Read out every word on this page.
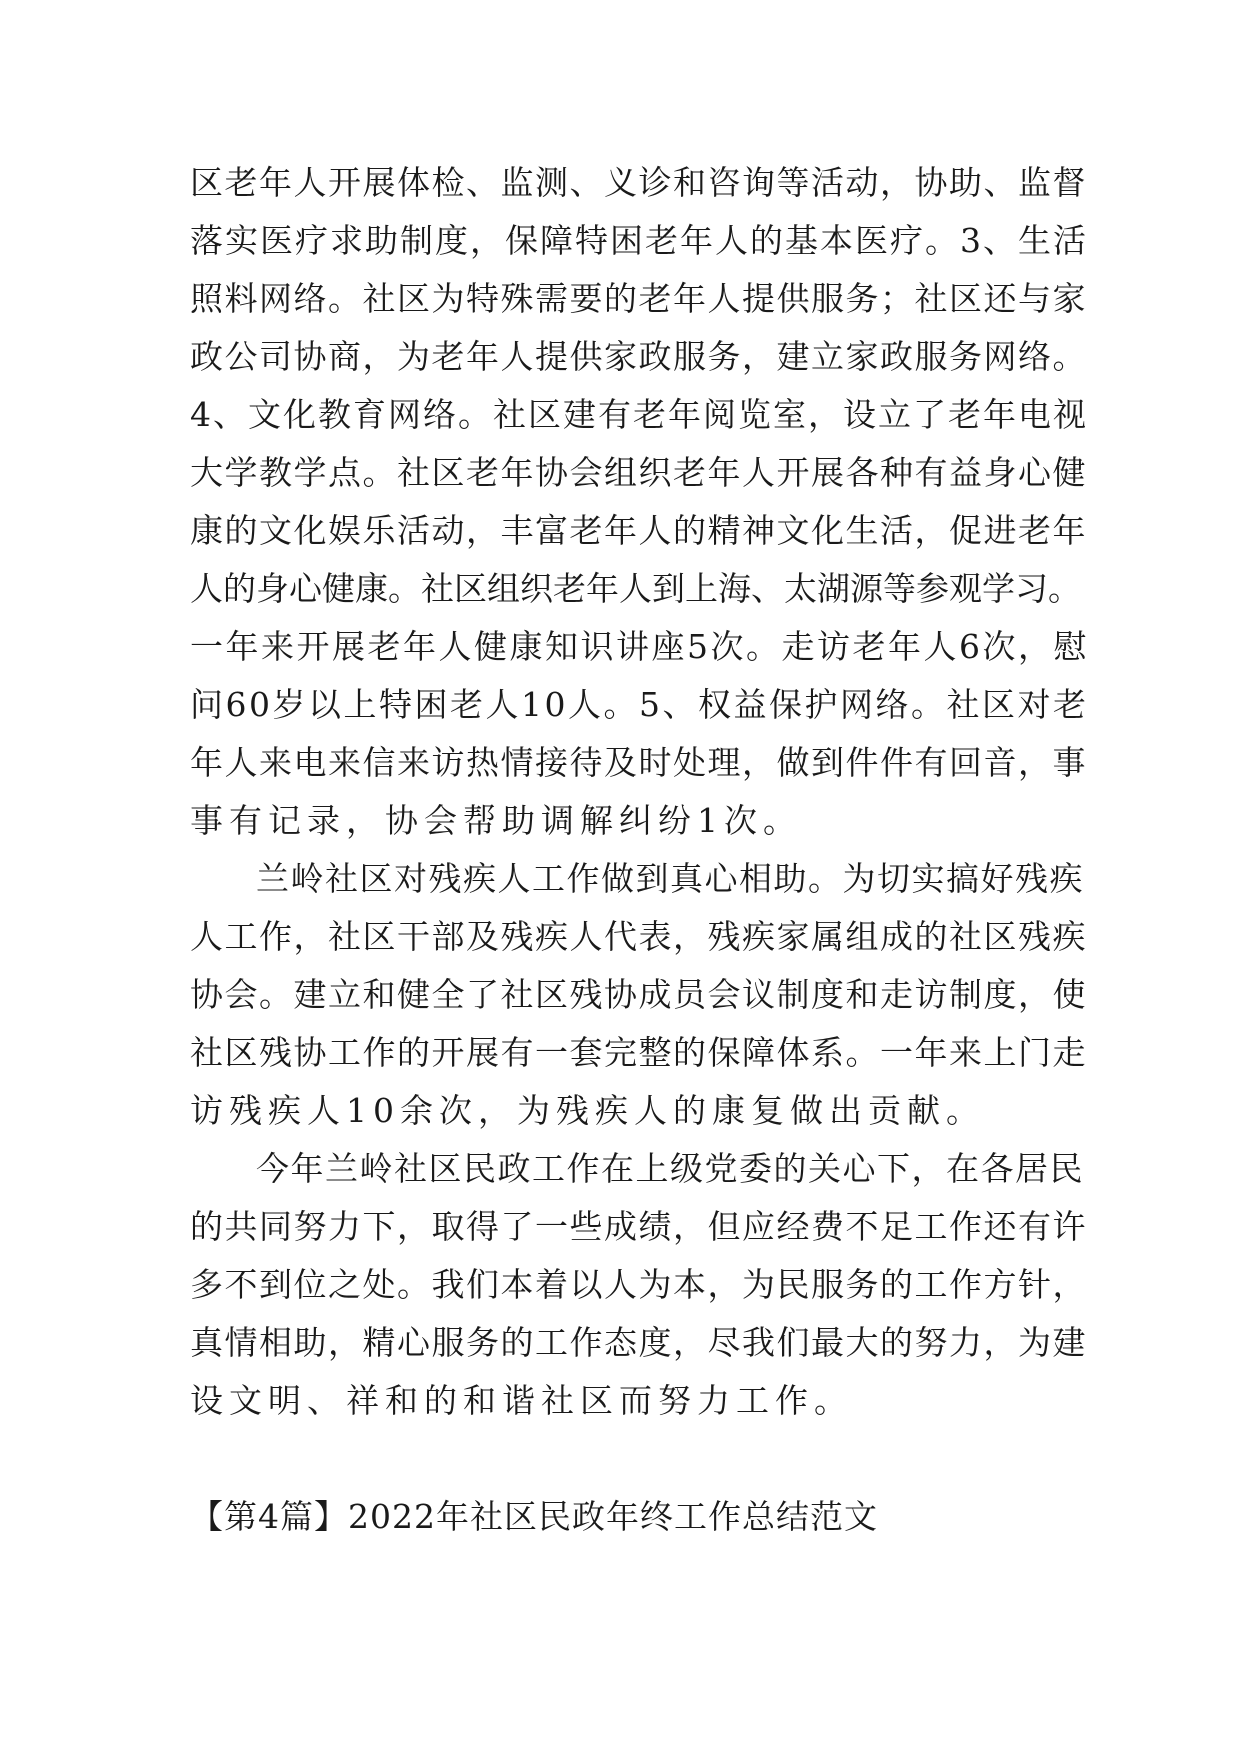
区老年人开展体检、监测、义诊和咨询等活动，协助、监督
落实医疗求助制度，保障特困老年人的基本医疗。3、生活
照料网络。社区为特殊需要的老年人提供服务；社区还与家
政公司协商，为老年人提供家政服务，建立家政服务网络。
4、文化教育网络。社区建有老年阅览室，设立了老年电视
大学教学点。社区老年协会组织老年人开展各种有益身心健
康的文化娱乐活动，丰富老年人的精神文化生活，促进老年
人的身心健康。社区组织老年人到上海、太湖源等参观学习。
一年来开展老年人健康知识讲座5次。走访老年人6次，慰
问60岁以上特困老人10人。5、权益保护网络。社区对老
年人来电来信来访热情接待及时处理，做到件件有回音，事
事有记录，协会帮助调解纠纷1次。
兰岭社区对残疾人工作做到真心相助。为切实搞好残疾
人工作，社区干部及残疾人代表，残疾家属组成的社区残疾
协会。建立和健全了社区残协成员会议制度和走访制度，使
社区残协工作的开展有一套完整的保障体系。一年来上门走
访残疾人10余次，为残疾人的康复做出贡献。
今年兰岭社区民政工作在上级党委的关心下，在各居民
的共同努力下，取得了一些成绩，但应经费不足工作还有许
多不到位之处。我们本着以人为本，为民服务的工作方针，
真情相助，精心服务的工作态度，尽我们最大的努力，为建
设文明、祥和的和谐社区而努力工作。
【第4篇】2022年社区民政年终工作总结范文
